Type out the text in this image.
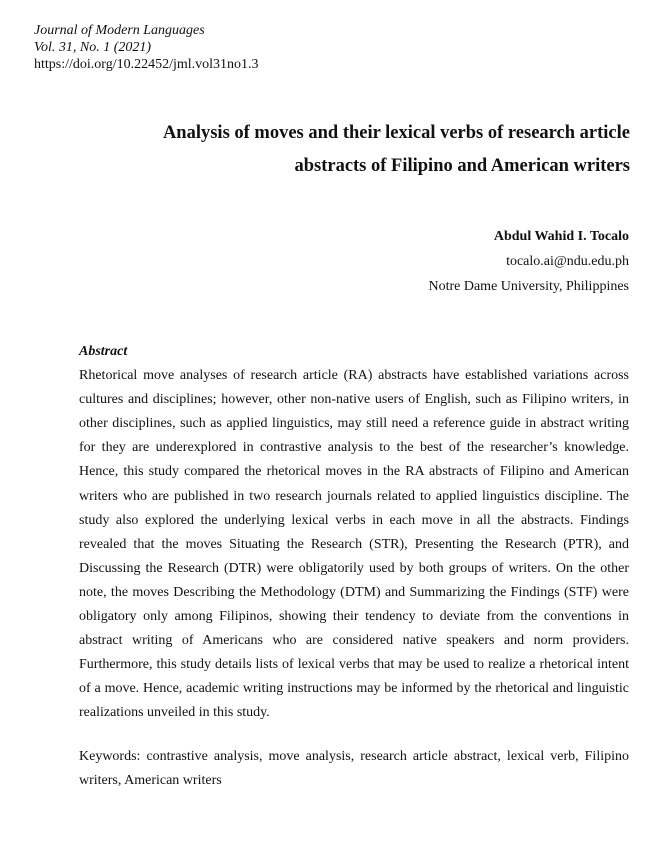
Journal of Modern Languages
Vol. 31, No. 1 (2021)
https://doi.org/10.22452/jml.vol31no1.3
Analysis of moves and their lexical verbs of research article
abstracts of Filipino and American writers
Abdul Wahid I. Tocalo
tocalo.ai@ndu.edu.ph
Notre Dame University, Philippines
Abstract

Rhetorical move analyses of research article (RA) abstracts have established variations across cultures and disciplines; however, other non-native users of English, such as Filipino writers, in other disciplines, such as applied linguistics, may still need a reference guide in abstract writing for they are underexplored in contrastive analysis to the best of the researcher’s knowledge. Hence, this study compared the rhetorical moves in the RA abstracts of Filipino and American writers who are published in two research journals related to applied linguistics discipline. The study also explored the underlying lexical verbs in each move in all the abstracts. Findings revealed that the moves Situating the Research (STR), Presenting the Research (PTR), and Discussing the Research (DTR) were obligatorily used by both groups of writers. On the other note, the moves Describing the Methodology (DTM) and Summarizing the Findings (STF) were obligatory only among Filipinos, showing their tendency to deviate from the conventions in abstract writing of Americans who are considered native speakers and norm providers. Furthermore, this study details lists of lexical verbs that may be used to realize a rhetorical intent of a move. Hence, academic writing instructions may be informed by the rhetorical and linguistic realizations unveiled in this study.

Keywords: contrastive analysis, move analysis, research article abstract, lexical verb, Filipino writers, American writers
